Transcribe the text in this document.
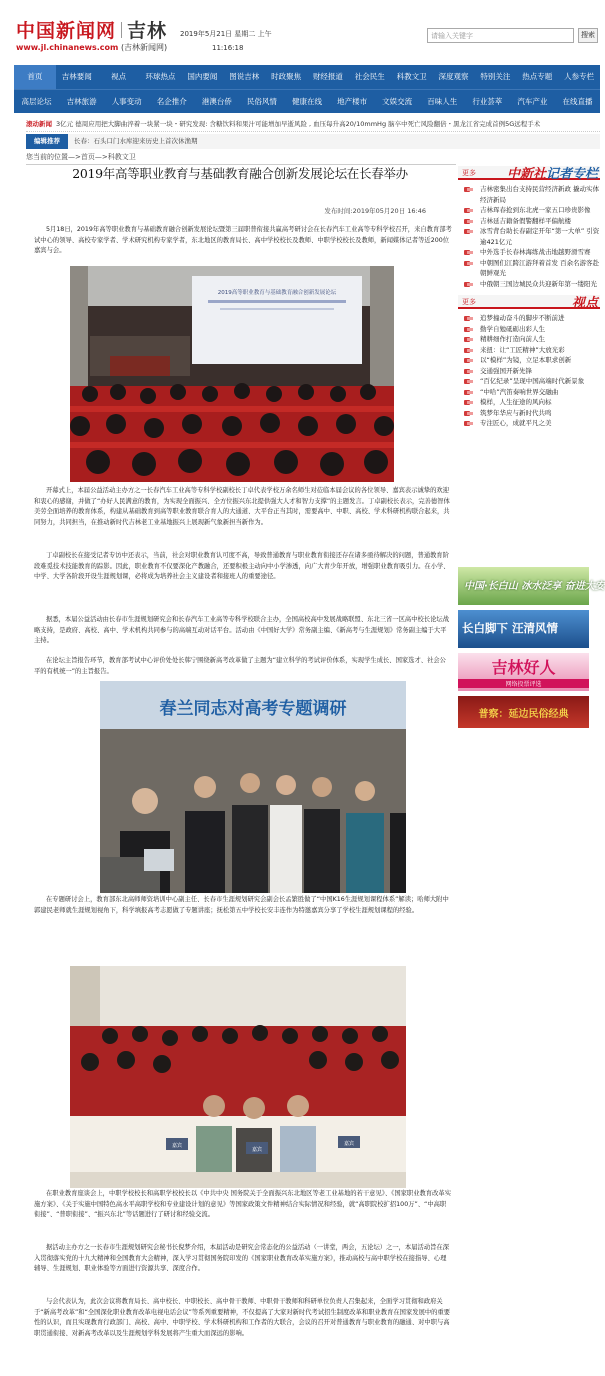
中国新闻网 吉林
www.jl.chinanews.com (吉林新闻网)
2019年5月21日 星期二 上午
11:16:18
请输入关键字	搜索
首页	吉林要闻	视点	环球热点	国内要闻	图说吉林	时政聚焦	财经报道	社会民生	科教文卫	深度观察	特别关注	热点专题	人参专栏
高层论坛	吉林旅游	人事变动	名企推介	港澳台侨	民俗风情	健康在线	地产楼市	文娱交流	百味人生	行业荟萃	汽车产业	在线直播
滚动新闻 3亿元 德周应用把大脚曲淬着一块紧一块・研究发现: 含糖饮料和果汁可能增加早逝风险 , 血压每升高20/10mmHg 脑卒中死亡风险翻倍・黑龙江省完成首例5G远程手术
编辑推荐 长春：石头口门水库迎来历史上首次休渔期
您当前的位置—>首页—>科教文卫
2019年高等职业教育与基础教育融合创新发展论坛在长春举办
发布时间:2019年05月20日 16:46
5月18日，2019年高等职业教育与基础教育融合创新发展论坛暨第三届职普衔接共赢高考研讨会在长春汽车工业高等专科学校召开，来自教育部考试中心的领导、高校专家学者、学术研究机构专家学者，东北地区的教育局长、高中学校校长及教师、中职学校校长及教师，新闻媒体记者等近200位嘉宾与会。
2019高等职业教育与基础教育融合创新发展论坛
开幕式上，本届公益活动主办方之一长春汽车工业高等专科学校副校长丁卓代表学校万余名师生对莅临本届会议的各位领导、嘉宾表示诚挚的欢迎和衷心的感谢，并做了“办好人民满意的教育，为实现全面振兴、全方位振兴东北提供强大人才和智力支撑”的主题发言。丁卓副校长表示，完善德智体美劳全面培养的教育体系，构建从基础教育到高等职业教育联合育人的大通道、大平台正当其时，需要高中、中职、高校、学术科研机构联合起来，共同努力，共同担当，在推动新时代吉林老工业基地振兴上展现新气象新担当新作为。
丁卓副校长在接受记者专访中还表示，当前，社会对职业教育认可度不高，导致普通教育与职业教育衔接还存在诸多亟待解决的问题，普通教育阶段难觅技术技能教育的踪影。因此，职业教育不仅要深化产教融合，还要积极主动向中小学渗透，向广大青少年开放，增强职业教育吸引力。在小学、中学、大学各阶段开设生涯规划课，必将成为培养社会主义建设者和接班人的重要途径。
据悉，本届公益活动由长春市生涯规划研究会和长春汽车工业高等专科学校联合主办，全国高校高中发展战略联盟、东北三省一区高中校长论坛战略支持，是政府、高校、高中、学术机构共同参与的高端互动对话平台。活动由《中国好大学》常务副主编、《新高考与生涯规划》常务副主编于大平主持。
在论坛主旨报告环节，教育部考试中心评价处处长韩宁围绕新高考改革做了主题为“建立科学的考试评价体系，实现学生成长、国家选才、社会公平的有机统一”的主旨报告。
春兰同志对高考专题调研
在专题研讨会上，教育部东北高师师资培训中心副主任、长春市生涯规划研究会副会长孟繁胜做了“中国K16生涯规划课程体系”解读；哈师大附中郭建民老师就生涯规划视角下，科学填报高考志愿做了专题讲座；抚松第五中学校长安丰连作为特邀嘉宾分享了学校生涯规划课程的经验。
嘉宾
嘉宾
嘉宾
在职业教育座谈会上，中职学校校长和高职学校校长以《中共中央 国务院关于全面振兴东北地区等老工业基地的若干意见》、《国家职业教育改革实施方案》、《关于实施中国特色高水平高职学校和专业建设计划的意见》等国家政策文件精神结合实际情况和经验，就“高职院校扩招100万”、“中高职衔接”、“普职衔接”、“振兴东北”等话题进行了研讨和经验交流。
据活动主办方之一长春市生涯规划研究会秘书长倪梦介绍，本届活动是研究会常态化的公益活动（一讲堂，两会，五论坛）之一，本届活动旨在深入贯彻落实党的十九大精神和全国教育大会精神，深入学习贯彻国务院印发的《国家职业教育改革实施方案》，推动高校与高中职学校在接指导、心理辅导、生涯规划、职业体验等方面进行资源共享、深度合作。
与会代表认为，此次会议将教育局长、高中校长、中职校长、高中骨干教师、中职骨干教师和科研单位负责人召集起来，全面学习贯彻和政府关于“新高考改革”和“全国深化职业教育改革电视电话会议”等系列重要精神，不仅提高了大家对新时代考试招生制度改革和职业教育在国家发展中的重要性的认识，而且实现教育行政部门、高校、高中、中职学校、学术科研机构和工作者的大联合，会议的召开对普通教育与职业教育的融通、对中职与高职贯通衔接、对新高考改革以及生涯规划学科发展将产生重大而深远的影响。
更多 中新社记者专栏
吉林密集出台支持民营经济新政 撬动实体经济新局
吉林珲春抢到东北虎一家五口珍贵影像
吉林延吉籍备假警翻样平偏航楼
冰雪背台助长春副定开年“第一大单” 引资逾421亿元
中外选手长春林海练战击地越野滑雪赛
中朝图们江跨江游拜着首发 百余名游客赴朝鲜观光
中俄朝三国边城民众共迎新年第一缕阳光
更多	视点
追梦撞动奋斗的脚步不断前进
勤学自勉砥砺出彩人生
精耕细作打造向前人生
来扭：让“工匠精神”大放光彩
以“模样”为镜，立足本职求创新
交通强国开新先锋
“百亿纪录”呈现中国高端时代新景象
“中哈”汽笛奏响世界交融曲
模样，人生征途的风向标
筑梦年华应与新时代共鸣
专注匠心，成就平凡之美
中国·长白山 冰水泛享 奋进大安
长白脚下 汪清风情
吉林好人
网络投票评选
普察：延边民俗经典
